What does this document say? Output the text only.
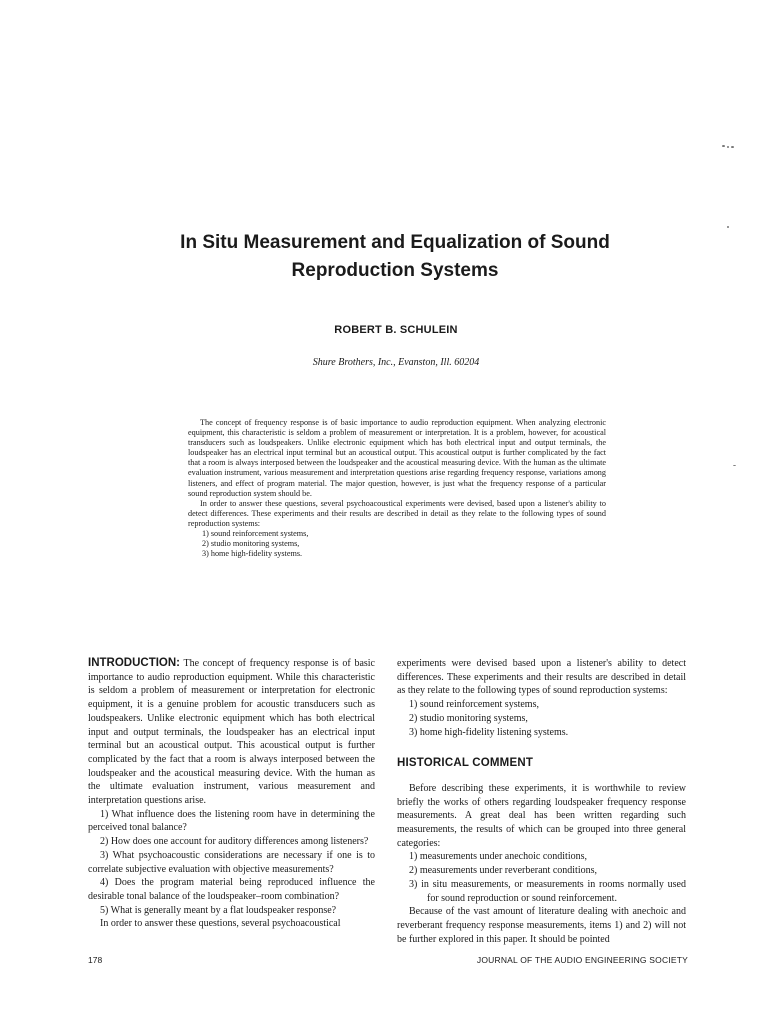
In Situ Measurement and Equalization of Sound
Reproduction Systems
ROBERT B. SCHULEIN
Shure Brothers, Inc., Evanston, Ill. 60204

The concept of frequency response is of basic importance to audio reproduction equipment. When analyzing electronic equipment, this characteristic is seldom a problem of measurement or interpretation. It is a problem, however, for acoustical transducers such as loudspeakers. Unlike electronic equipment which has both electrical input and output terminals, the loudspeaker has an electrical input terminal but an acoustical output. This acoustical output is further complicated by the fact that a room is always interposed between the loudspeaker and the acoustical measuring device. With the human as the ultimate evaluation instrument, various measurement and interpretation questions arise regarding frequency response, variations among listeners, and effect of program material. The major question, however, is just what the frequency response of a particular sound reproduction system should be.

In order to answer these questions, several psychoacoustical experiments were devised, based upon a listener's ability to detect differences. These experiments and their results are described in detail as they relate to the following types of sound reproduction systems:

1) sound reinforcement systems,
2) studio monitoring systems,
3) home high-fidelity systems.

INTRODUCTION: The concept of frequency response is of basic importance to audio reproduction equipment. While this characteristic is seldom a problem of measurement or interpretation for electronic equipment, it is a genuine problem for acoustic transducers such as loudspeakers. Unlike electronic equipment which has both electrical input and output terminals, the loudspeaker has an electrical input terminal but an acoustical output. This acoustical output is further complicated by the fact that a room is always interposed between the loudspeaker and the acoustical measuring device. With the human as the ultimate evaluation instrument, various measurement and interpretation questions arise.

1) What influence does the listening room have in determining the perceived tonal balance?

2) How does one account for auditory differences among listeners?

3) What psychoacoustic considerations are necessary if one is to correlate subjective evaluation with objective measurements?

4) Does the program material being reproduced influence the desirable tonal balance of the loudspeaker–room combination?

5) What is generally meant by a flat loudspeaker response?

In order to answer these questions, several psychoacoustical

experiments were devised based upon a listener's ability to detect differences. These experiments and their results are described in detail as they relate to the following types of sound reproduction systems:

1) sound reinforcement systems,
2) studio monitoring systems,
3) home high-fidelity listening systems.
HISTORICAL COMMENT

Before describing these experiments, it is worthwhile to review briefly the works of others regarding loudspeaker frequency response measurements. A great deal has been written regarding such measurements, the results of which can be grouped into three general categories:

1) measurements under anechoic conditions,
2) measurements under reverberant conditions,
3) in situ measurements, or measurements in rooms normally used for sound reproduction or sound reinforcement.

Because of the vast amount of literature dealing with anechoic and reverberant frequency response measurements, items 1) and 2) will not be further explored in this paper. It should be pointed

178	JOURNAL OF THE AUDIO ENGINEERING SOCIETY
